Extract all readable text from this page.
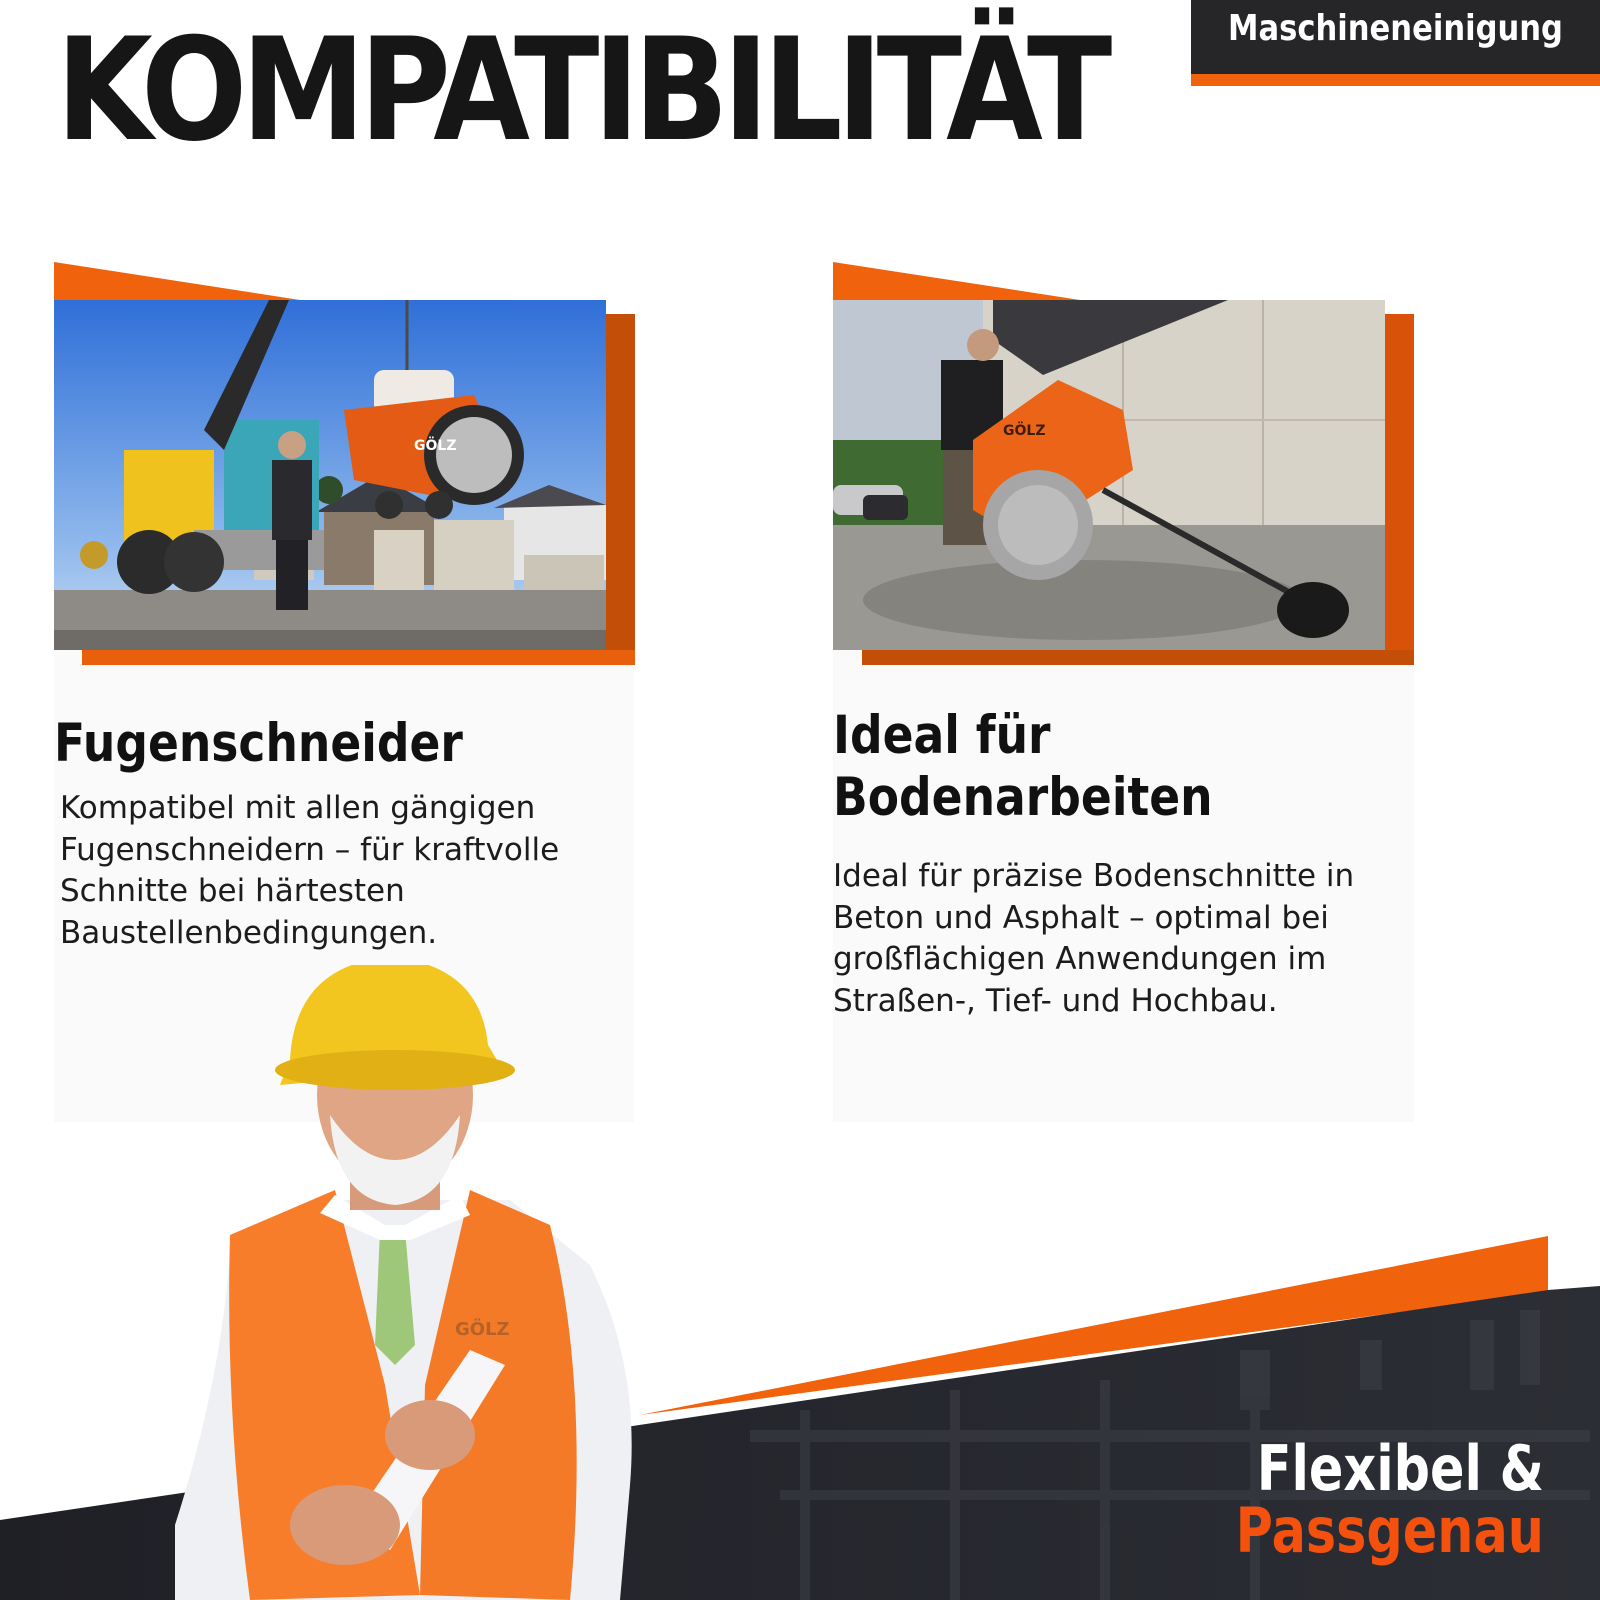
KOMPATIBILITÄT	Maschineneinigung
GÖLZ
Fugenschneider
Kompatibel mit allen gängigen
Fugenschneidern – für kraftvolle
Schnitte bei härtesten
Baustellenbedingungen.
GÖLZ
Ideal für
Bodenarbeiten
Ideal für präzise Bodenschnitte in
Beton und Asphalt – optimal bei
großflächigen Anwendungen im
Straßen-, Tief- und Hochbau.
GÖLZ
Flexibel &
Passgenau
